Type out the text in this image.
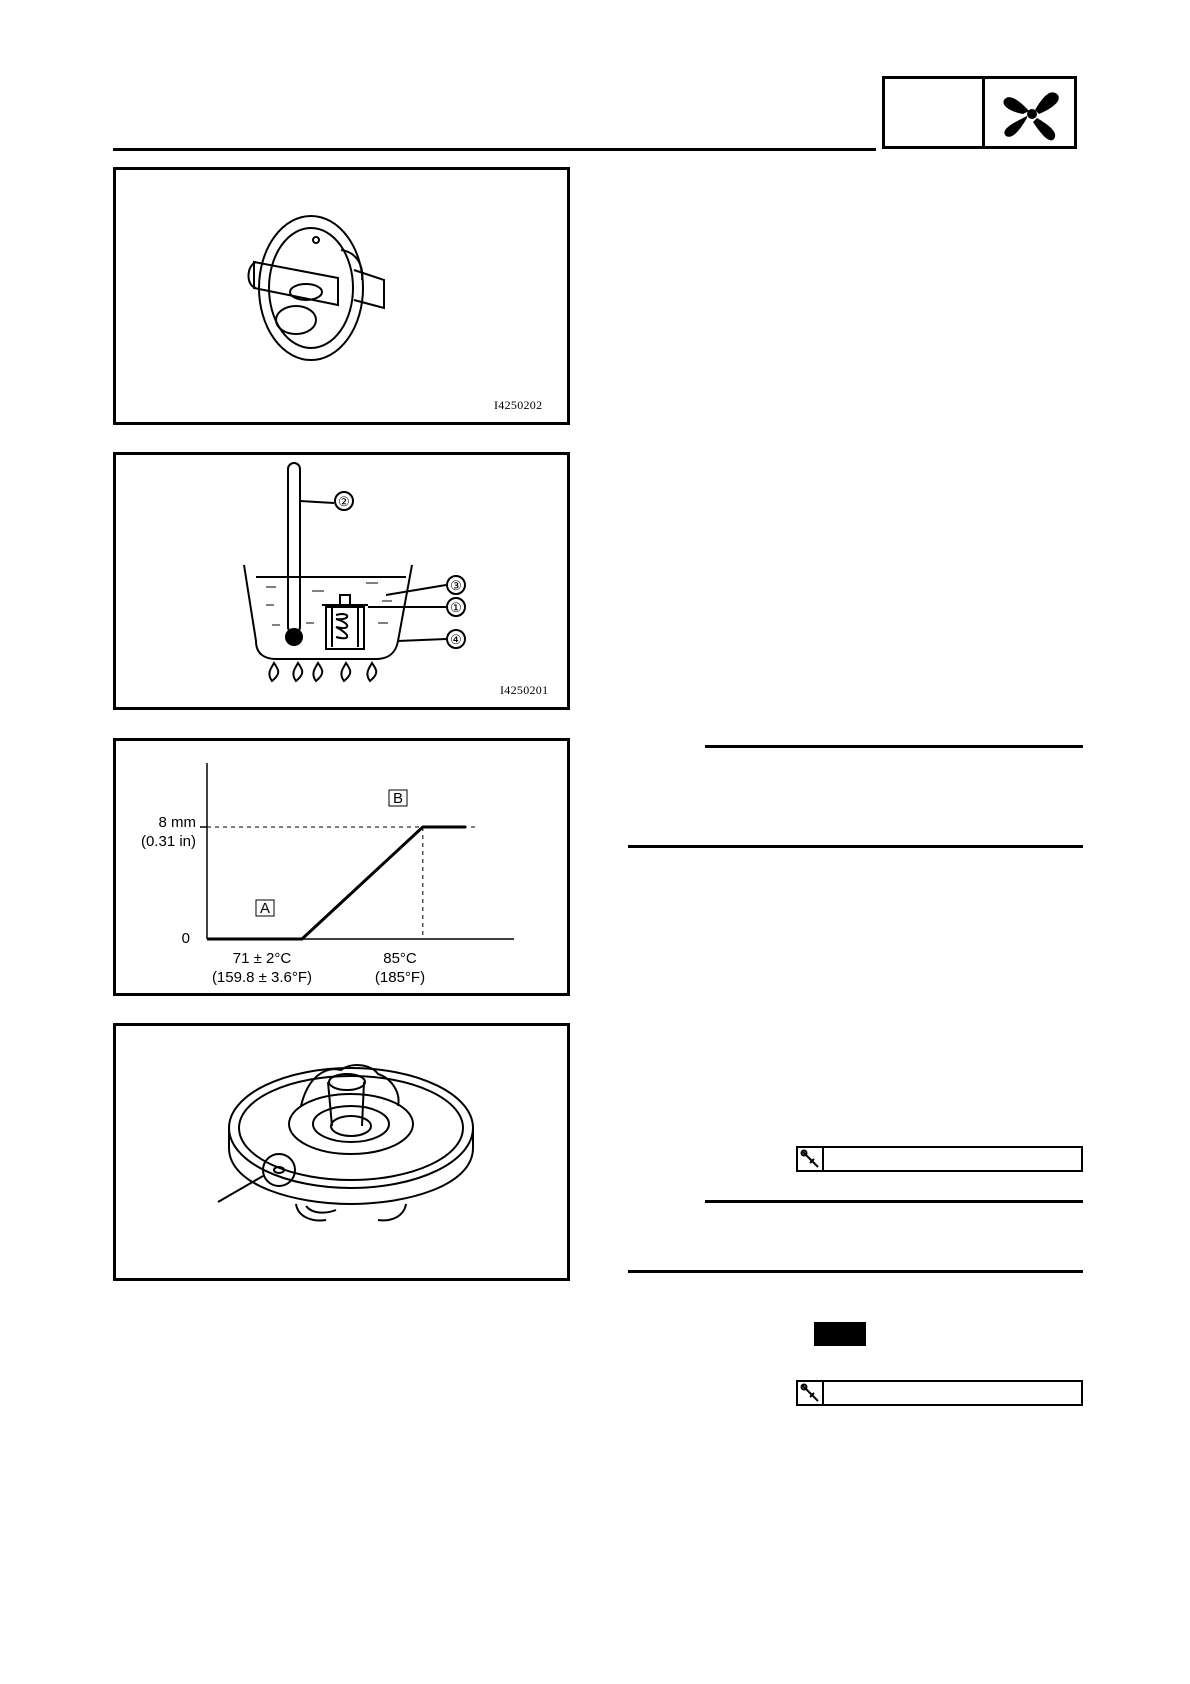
I4250202
②
③
①
④
I4250201
8 mm
(0.31 in)
0
A
B
71 ± 2°C
(159.8 ± 3.6°F)
85°C
(185°F)
